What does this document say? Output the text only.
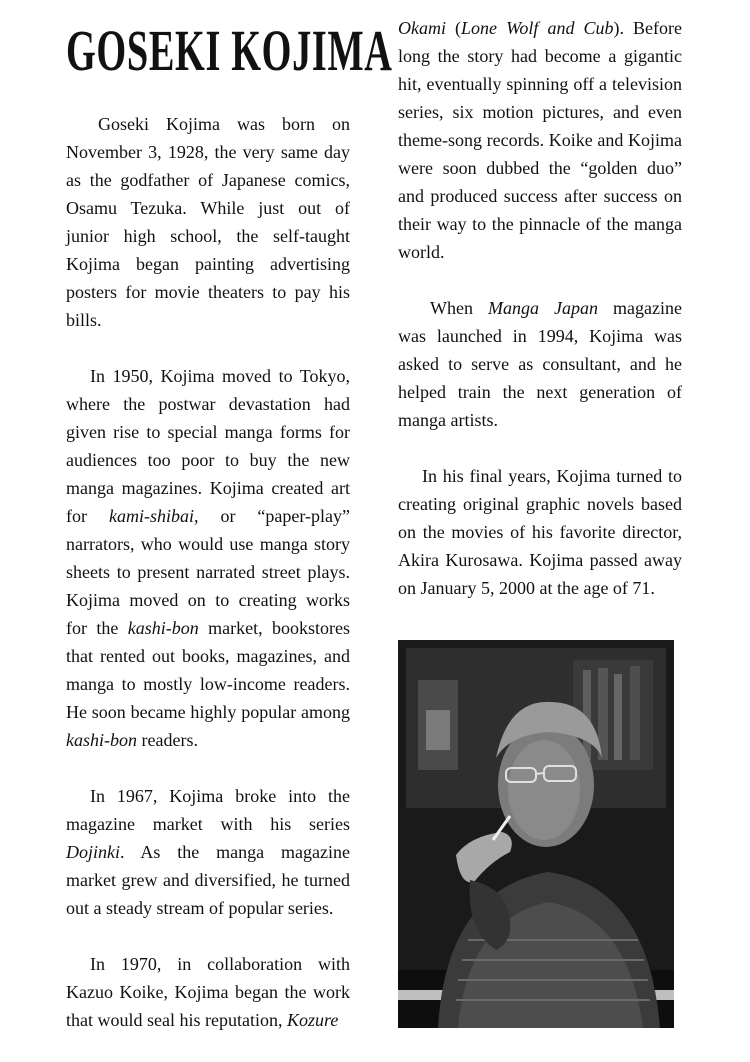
GOSEKI KOJIMA

Goseki Kojima was born on November 3, 1928, the very same day as the godfather of Japanese comics, Osamu Tezuka. While just out of junior high school, the self-taught Kojima began painting advertising posters for movie theaters to pay his bills.

In 1950, Kojima moved to Tokyo, where the postwar devastation had given rise to special manga forms for audiences too poor to buy the new manga magazines. Kojima created art for kami-shibai, or “paper-play” narrators, who would use manga story sheets to present narrated street plays. Kojima moved on to creating works for the kashi-bon market, bookstores that rented out books, magazines, and manga to mostly low-income readers. He soon became highly popular among kashi-bon readers.

In 1967, Kojima broke into the magazine market with his series Dojinki. As the manga magazine market grew and diversified, he turned out a steady stream of popular series.

In 1970, in collaboration with Kazuo Koike, Kojima began the work that would seal his reputation, Kozure

Okami (Lone Wolf and Cub). Before long the story had become a gigantic hit, eventually spinning off a television series, six motion pictures, and even theme-song records. Koike and Kojima were soon dubbed the “golden duo” and produced success after success on their way to the pinnacle of the manga world.

When Manga Japan magazine was launched in 1994, Kojima was asked to serve as consultant, and he helped train the next generation of manga artists.

In his final years, Kojima turned to creating original graphic novels based on the movies of his favorite director, Akira Kurosawa. Kojima passed away on January 5, 2000 at the age of 71.
